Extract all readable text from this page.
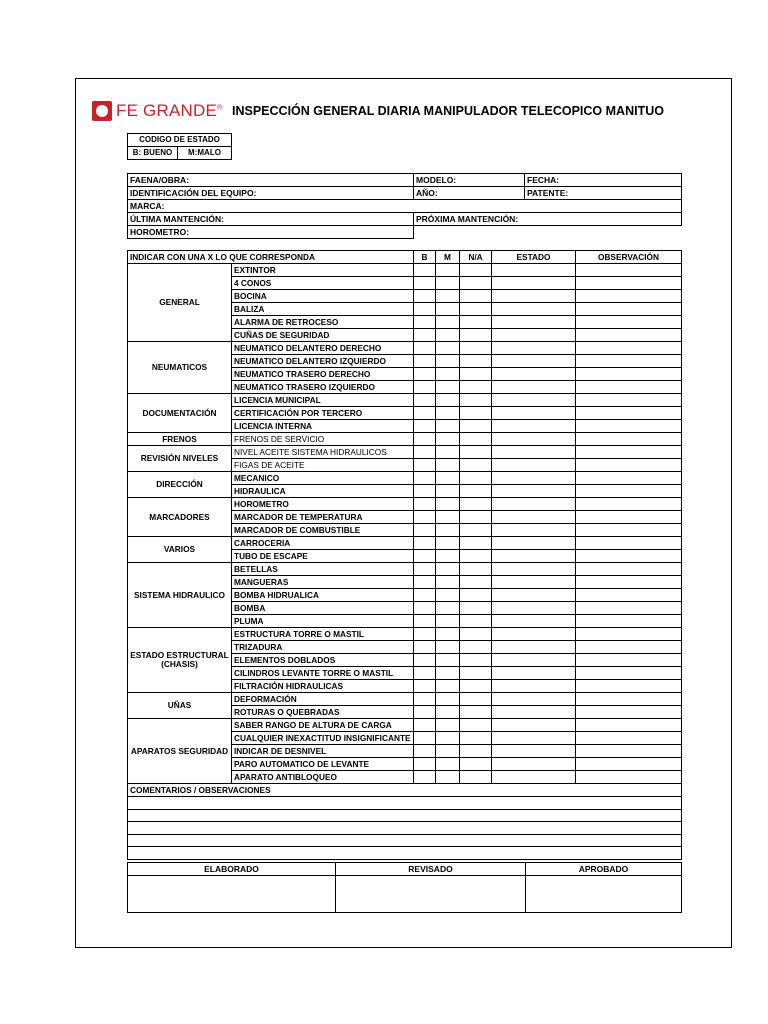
FE GRANDE® INSPECCIÓN GENERAL DIARIA MANIPULADOR TELECOPICO MANITUO
CODIGO DE ESTADO
B: BUENO	M:MALO
FAENA/OBRA:	MODELO:	FECHA:
IDENTIFICACIÓN DEL EQUIPO:	AÑO:	PATENTE:
MARCA:		
ÚLTIMA MANTENCIÓN:	PRÓXIMA MANTENCIÓN:	
HOROMETRO:		
INDICAR CON UNA X LO QUE CORRESPONDA		B	M	N/A	ESTADO	OBSERVACIÓN
GENERAL	EXTINTOR					
	4 CONOS					
	BOCINA					
	BALIZA					
	ALARMA DE RETROCESO					
	CUÑAS DE SEGURIDAD					
NEUMATICOS	NEUMATICO DELANTERO DERECHO					
	NEUMATICO DELANTERO IZQUIERDO					
	NEUMATICO TRASERO DERECHO					
	NEUMATICO TRASERO IZQUIERDO					
DOCUMENTACIÓN	LICENCIA MUNICIPAL					
	CERTIFICACIÓN POR TERCERO					
	LICENCIA INTERNA					
FRENOS	FRENOS DE SERVICIO					
REVISIÓN NIVELES	NIVEL ACEITE SISTEMA HIDRAULICOS					
	FIGAS DE ACEITE					
DIRECCIÓN	MECANICO					
	HIDRAULICA					
MARCADORES	HOROMETRO					
	MARCADOR DE TEMPERATURA					
	MARCADOR DE COMBUSTIBLE					
VARIOS	CARROCERIA					
	TUBO DE ESCAPE					
SISTEMA HIDRAULICO	BETELLAS					
	MANGUERAS					
	BOMBA HIDRUALICA					
	BOMBA					
	PLUMA					
ESTADO ESTRUCTURAL (CHASIS)	ESTRUCTURA TORRE O MASTIL					
	TRIZADURA					
	ELEMENTOS DOBLADOS					
	CILINDROS LEVANTE TORRE O MASTIL					
	FILTRACIÓN HIDRAULICAS					
UÑAS	DEFORMACIÓN					
	ROTURAS O QUEBRADAS					
APARATOS SEGURIDAD	SABER RANGO DE ALTURA DE CARGA					
	CUALQUIER INEXACTITUD INSIGNIFICANTE					
	INDICAR DE DESNIVEL					
	PARO AUTOMATICO DE LEVANTE					
	APARATO ANTIBLOQUEO					
COMENTARIOS / OBSERVACIONES						

ELABORADO	REVISADO	APROBADO
